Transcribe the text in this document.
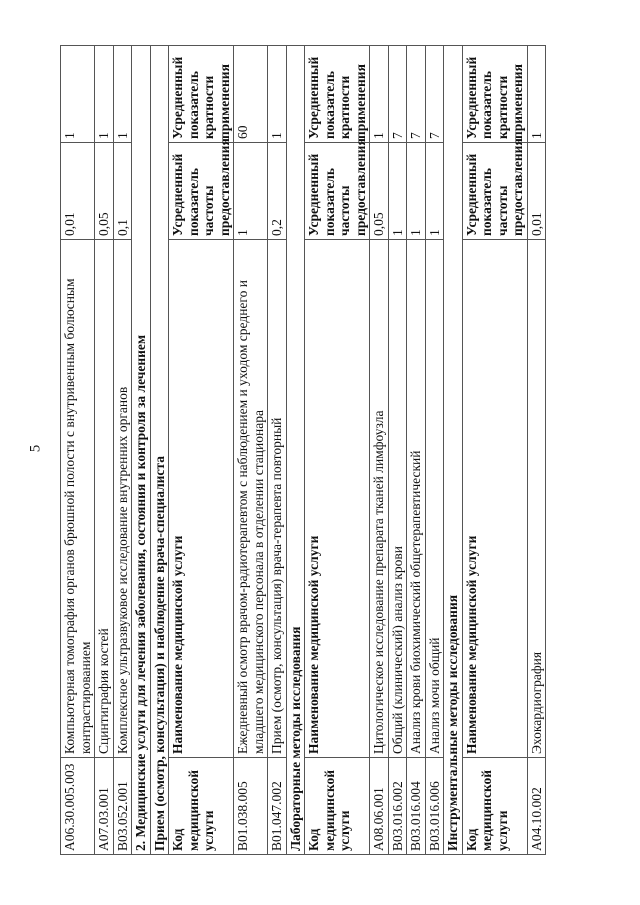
5
A06.30.005.003	Компьютерная томография органов брюшной полости с внутривенным болюсным контрастированием	0,01	1
A07.03.001	Сцинтиграфия костей	0,05	1
B03.052.001	Комплексное ультразвуковое исследование внутренних органов	0,1	1
2. Медицинские услуги для лечения заболевания, состояния и контроля за лечением			
Прием (осмотр, консультация) и наблюдение врача-специалиста			
Код медицинской услуги	Наименование медицинской услуги	Усредненный показатель частоты предоставления	Усредненный показатель кратности применения
B01.038.005	Ежедневный осмотр врачом-радиотерапевтом с наблюдением и уходом среднего и младшего медицинского персонала в отделении стационара	1	60
B01.047.002	Прием (осмотр, консультация) врача-терапевта повторный	0,2	1
Лабораторные методы исследования			
Код медицинской услуги	Наименование медицинской услуги	Усредненный показатель частоты предоставления	Усредненный показатель кратности применения
A08.06.001	Цитологическое исследование препарата тканей лимфоузла	0,05	1
B03.016.002	Общий (клинический) анализ крови	1	7
B03.016.004	Анализ крови биохимический общетерапевтический	1	7
B03.016.006	Анализ мочи общий	1	7
Инструментальные методы исследования			
Код медицинской услуги	Наименование медицинской услуги	Усредненный показатель частоты предоставления	Усредненный показатель кратности применения
A04.10.002	Эхокардиография	0,01	1
